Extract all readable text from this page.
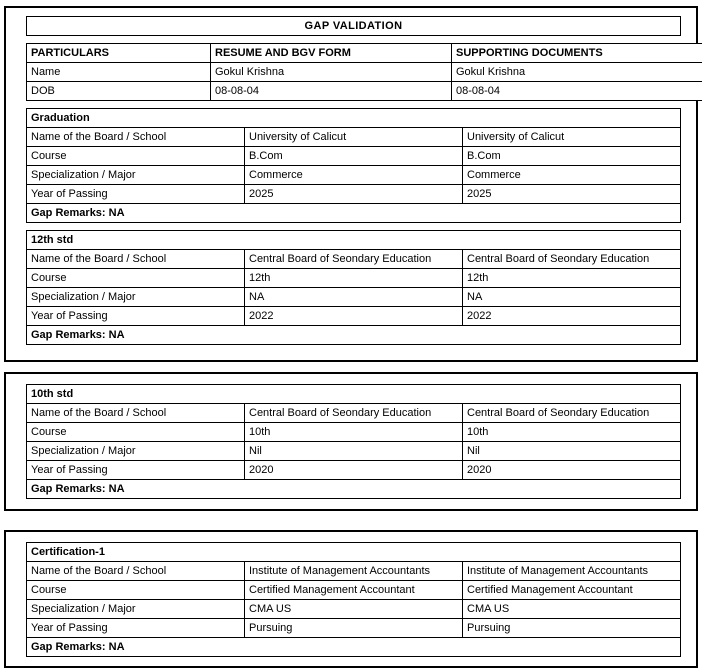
GAP VALIDATION
PARTICULARS	RESUME AND BGV FORM	SUPPORTING DOCUMENTS
Name	Gokul Krishna	Gokul Krishna
DOB	08-08-04	08-08-04
Graduation		
Name of the Board / School	University of Calicut	University of Calicut
Course	B.Com	B.Com
Specialization / Major	Commerce	Commerce
Year of Passing	2025	2025
Gap Remarks: NA		
12th std		
Name of the Board / School	Central Board of Seondary Education	Central Board of Seondary Education
Course	12th	12th
Specialization / Major	NA	NA
Year of Passing	2022	2022
Gap Remarks: NA		
10th std		
Name of the Board / School	Central Board of Seondary Education	Central Board of Seondary Education
Course	10th	10th
Specialization / Major	Nil	Nil
Year of Passing	2020	2020
Gap Remarks: NA		
Certification-1		
Name of the Board / School	Institute of Management Accountants	Institute of Management Accountants
Course	Certified Management Accountant	Certified Management Accountant
Specialization / Major	CMA US	CMA US
Year of Passing	Pursuing	Pursuing
Gap Remarks: NA		
